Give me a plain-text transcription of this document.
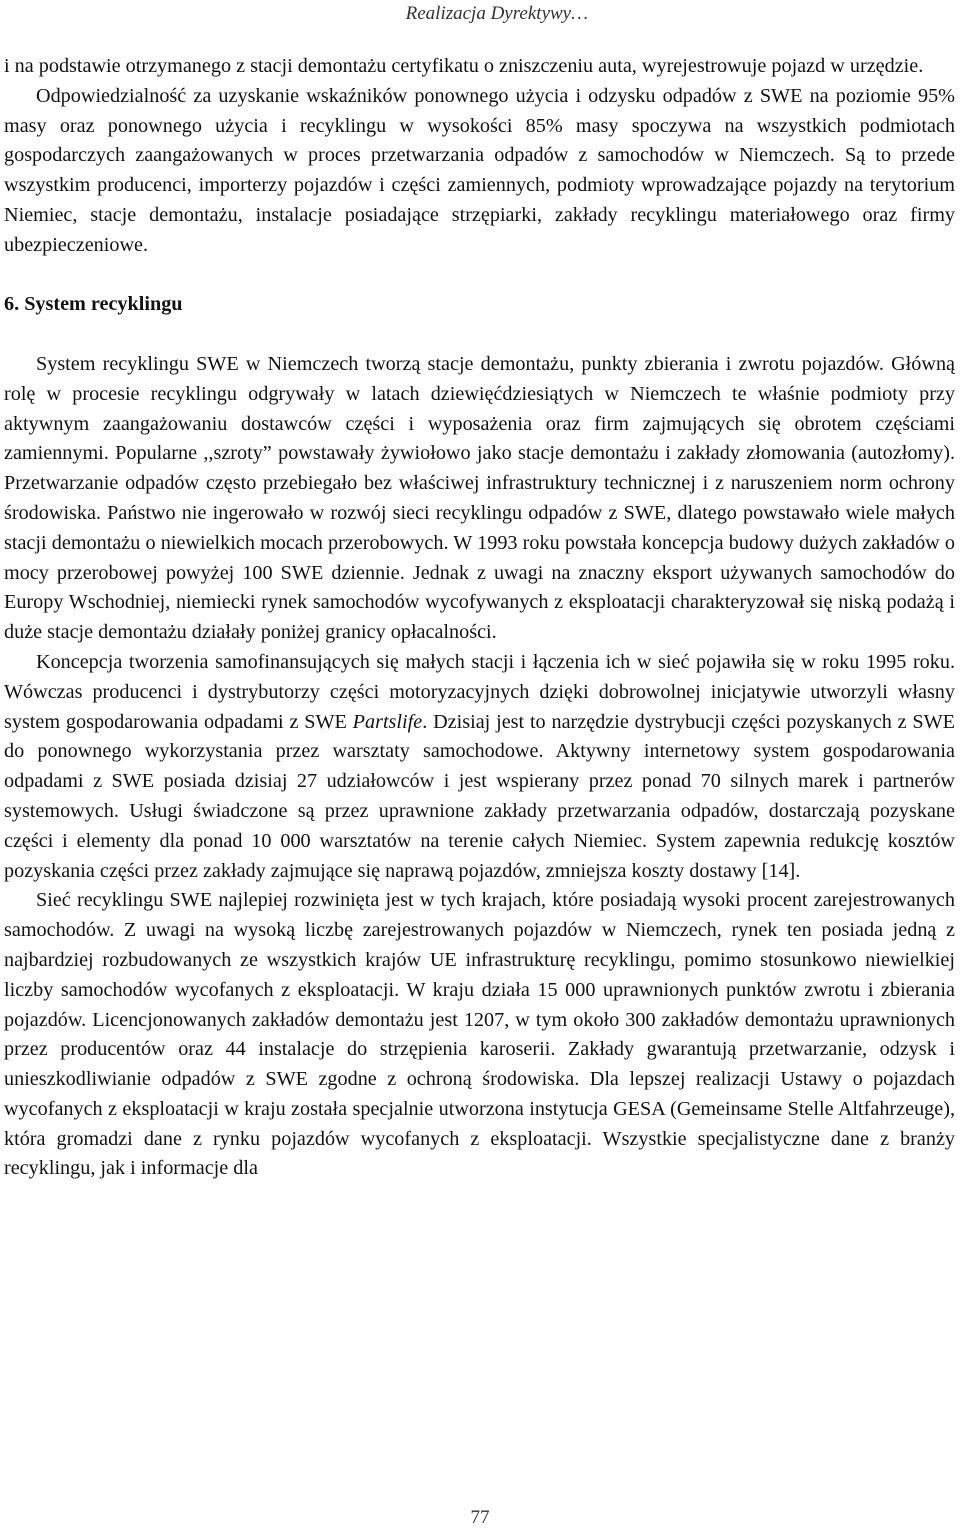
Realizacja Dyrektywy…

i na podstawie otrzymanego z stacji demontażu certyfikatu o zniszczeniu auta, wyrejestrowuje pojazd w urzędzie.

Odpowiedzialność za uzyskanie wskaźników ponownego użycia i odzysku odpadów z SWE na poziomie 95% masy oraz ponownego użycia i recyklingu w wysokości 85% masy spoczywa na wszystkich podmiotach gospodarczych zaangażowanych w proces przetwarzania odpadów z samochodów w Niemczech. Są to przede wszystkim producenci, importerzy pojazdów i części zamiennych, podmioty wprowadzające pojazdy na terytorium Niemiec, stacje demontażu, instalacje posiadające strzępiarki, zakłady recyklingu materiałowego oraz firmy ubezpieczeniowe.

6. System recyklingu

System recyklingu SWE w Niemczech tworzą stacje demontażu, punkty zbierania i zwrotu pojazdów. Główną rolę w procesie recyklingu odgrywały w latach dziewięćdziesiątych w Niemczech te właśnie podmioty przy aktywnym zaangażowaniu dostawców części i wyposażenia oraz firm zajmujących się obrotem częściami zamiennymi. Popularne ,,szroty” powstawały żywiołowo jako stacje demontażu i zakłady złomowania (autozłomy). Przetwarzanie odpadów często przebiegało bez właściwej infrastruktury technicznej i z naruszeniem norm ochrony środowiska. Państwo nie ingerowało w rozwój sieci recyklingu odpadów z SWE, dlatego powstawało wiele małych stacji demontażu o niewielkich mocach przerobowych. W 1993 roku powstała koncepcja budowy dużych zakładów o mocy przerobowej powyżej 100 SWE dziennie. Jednak z uwagi na znaczny eksport używanych samochodów do Europy Wschodniej, niemiecki rynek samochodów wycofywanych z eksploatacji charakteryzował się niską podażą i duże stacje demontażu działały poniżej granicy opłacalności.

Koncepcja tworzenia samofinansujących się małych stacji i łączenia ich w sieć pojawiła się w roku 1995 roku. Wówczas producenci i dystrybutorzy części motoryzacyjnych dzięki dobrowolnej inicjatywie utworzyli własny system gospodarowania odpadami z SWE Partslife. Dzisiaj jest to narzędzie dystrybucji części pozyskanych z SWE do ponownego wykorzystania przez warsztaty samochodowe. Aktywny internetowy system gospodarowania odpadami z SWE posiada dzisiaj 27 udziałowców i jest wspierany przez ponad 70 silnych marek i partnerów systemowych. Usługi świadczone są przez uprawnione zakłady przetwarzania odpadów, dostarczają pozyskane części i elementy dla ponad 10 000 warsztatów na terenie całych Niemiec. System zapewnia redukcję kosztów pozyskania części przez zakłady zajmujące się naprawą pojazdów, zmniejsza koszty dostawy [14].

Sieć recyklingu SWE najlepiej rozwinięta jest w tych krajach, które posiadają wysoki procent zarejestrowanych samochodów. Z uwagi na wysoką liczbę zarejestrowanych pojazdów w Niemczech, rynek ten posiada jedną z najbardziej rozbudowanych ze wszystkich krajów UE infrastrukturę recyklingu, pomimo stosunkowo niewielkiej liczby samochodów wycofanych z eksploatacji. W kraju działa 15 000 uprawnionych punktów zwrotu i zbierania pojazdów. Licencjonowanych zakładów demontażu jest 1207, w tym około 300 zakładów demontażu uprawnionych przez producentów oraz 44 instalacje do strzępienia karoserii. Zakłady gwarantują przetwarzanie, odzysk i unieszkodliwianie odpadów z SWE zgodne z ochroną środowiska. Dla lepszej realizacji Ustawy o pojazdach wycofanych z eksploatacji w kraju została specjalnie utworzona instytucja GESA (Gemeinsame Stelle Altfahrzeuge), która gromadzi dane z rynku pojazdów wycofanych z eksploatacji. Wszystkie specjalistyczne dane z branży recyklingu, jak i informacje dla

77
